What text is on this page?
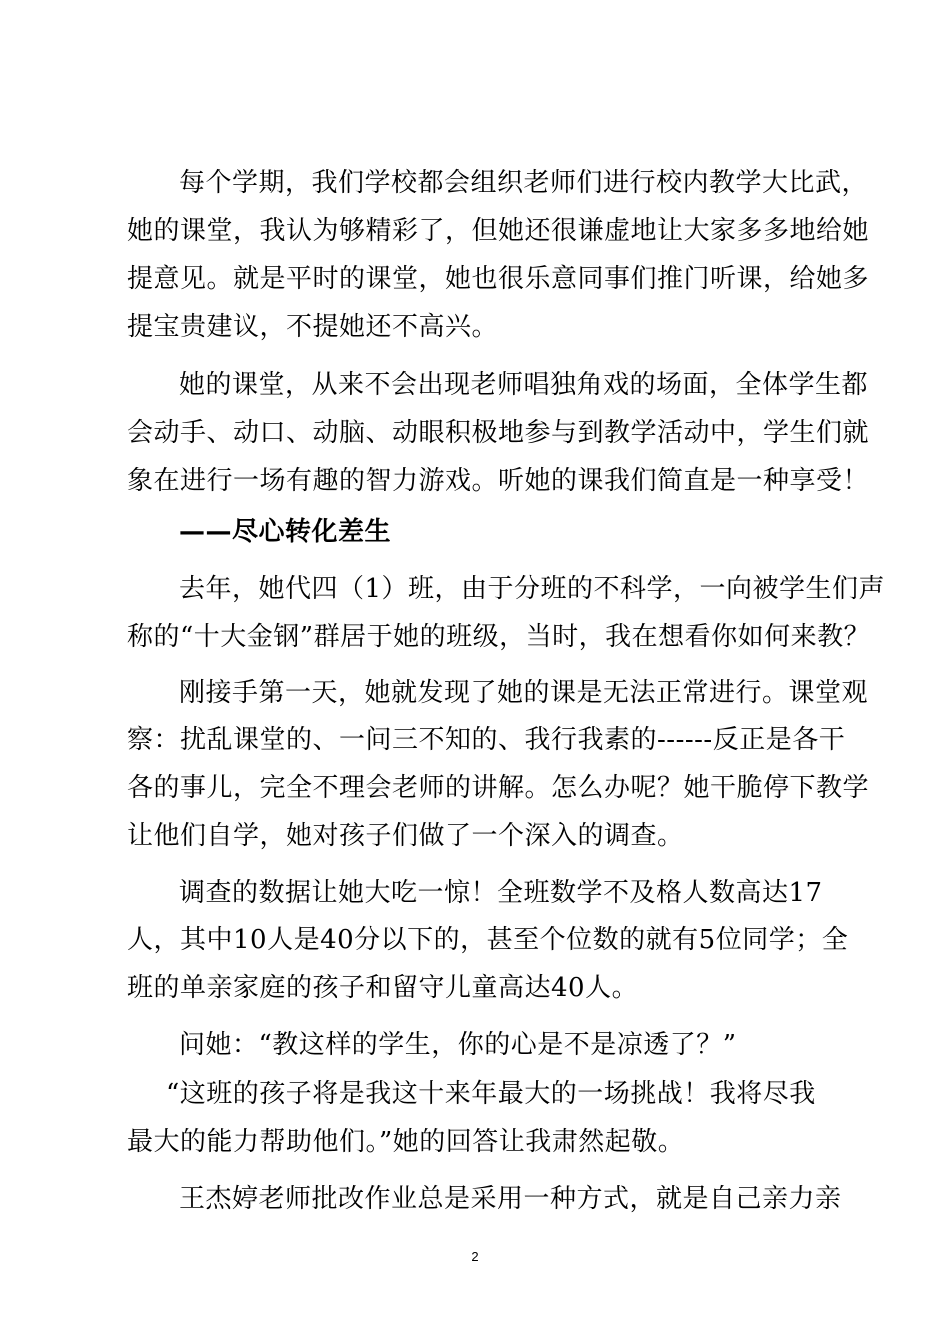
每个学期，我们学校都会组织老师们进行校内教学大比武，
她的课堂，我认为够精彩了，但她还很谦虚地让大家多多地给她
提意见。就是平时的课堂，她也很乐意同事们推门听课，给她多
提宝贵建议，不提她还不高兴。
她的课堂，从来不会出现老师唱独角戏的场面，全体学生都
会动手、动口、动脑、动眼积极地参与到教学活动中，学生们就
象在进行一场有趣的智力游戏。听她的课我们简直是一种享受！
——尽心转化差生
去年，她代四（1）班，由于分班的不科学，一向被学生们声
称的“十大金钢”群居于她的班级，当时，我在想看你如何来教？
刚接手第一天，她就发现了她的课是无法正常进行。课堂观
察：扰乱课堂的、一问三不知的、我行我素的------反正是各干
各的事儿，完全不理会老师的讲解。怎么办呢？她干脆停下教学
让他们自学，她对孩子们做了一个深入的调查。
调查的数据让她大吃一惊！全班数学不及格人数高达17
人，其中10人是40分以下的，甚至个位数的就有5位同学；全
班的单亲家庭的孩子和留守儿童高达40人。
问她：“教这样的学生，你的心是不是凉透了？”
“这班的孩子将是我这十来年最大的一场挑战！我将尽我
最大的能力帮助他们。”她的回答让我肃然起敬。
王杰婷老师批改作业总是采用一种方式，就是自己亲力亲
2
